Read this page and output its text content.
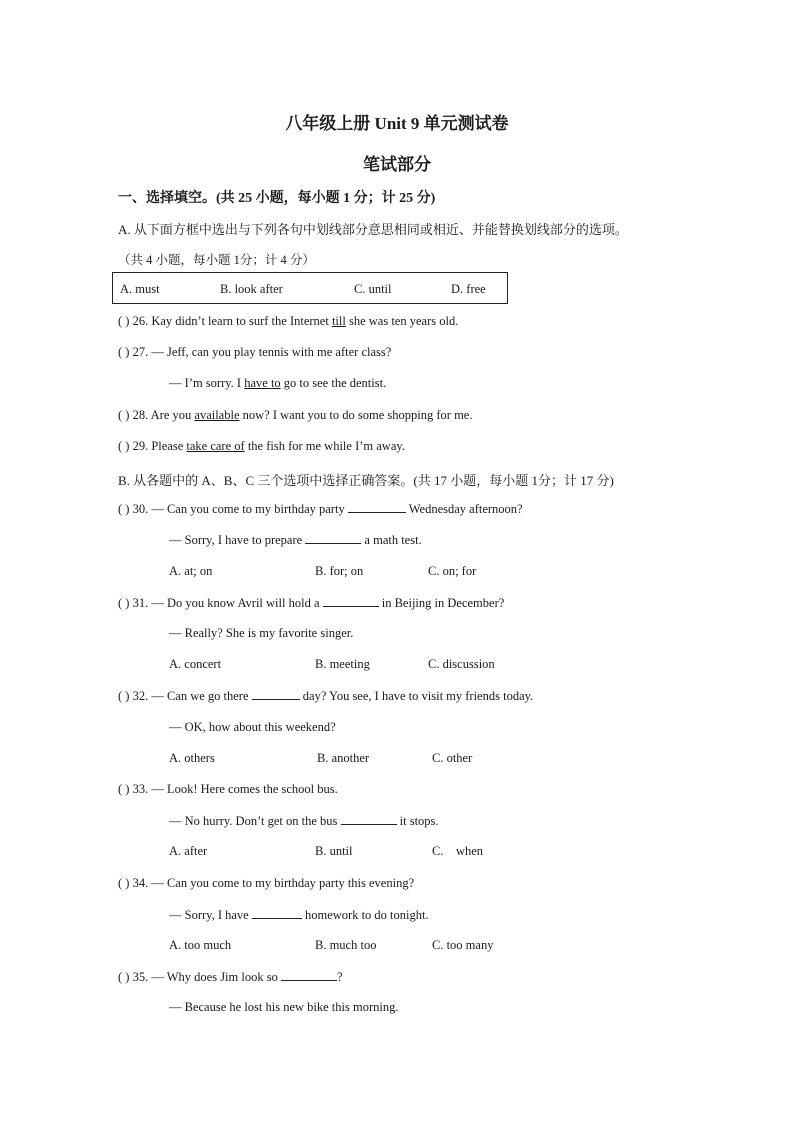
八年级上册 Unit 9 单元测试卷
笔试部分
一、选择填空。(共 25 小题，每小题 1 分；计 25 分)
A. 从下面方框中选出与下列各句中划线部分意思相同或相近、并能替换划线部分的选项。
（共 4 小题，每小题 1分；计 4 分）
A. must	B. look after	C. until	D. free
( ) 26. Kay didn’t learn to surf the Internet till she was ten years old.
( ) 27. — Jeff, can you play tennis with me after class?
— I’m sorry. I have to go to see the dentist.
( ) 28. Are you available now? I want you to do some shopping for me.
( ) 29. Please take care of the fish for me while I’m away.
B. 从各题中的 A、B、C 三个选项中选择正确答案。(共 17 小题，每小题 1分；计 17 分)
( ) 30. — Can you come to my birthday party	Wednesday afternoon?
— Sorry, I have to prepare	a math test.
A. at; on	B. for; on	C. on; for
( ) 31. — Do you know Avril will hold a	in Beijing in December?
— Really? She is my favorite singer.
A. concert	B. meeting	C. discussion
( ) 32. — Can we go there	day? You see, I have to visit my friends today.
— OK, how about this weekend?
A. others	B. another	C. other
( ) 33. — Look! Here comes the school bus.
— No hurry. Don’t get on the bus	it stops.
A. after	B. until	C.    when
( ) 34. — Can you come to my birthday party this evening?
— Sorry, I have	homework to do tonight.
A. too much	B. much too	C. too many
( ) 35. — Why does Jim look so	?
— Because he lost his new bike this morning.
